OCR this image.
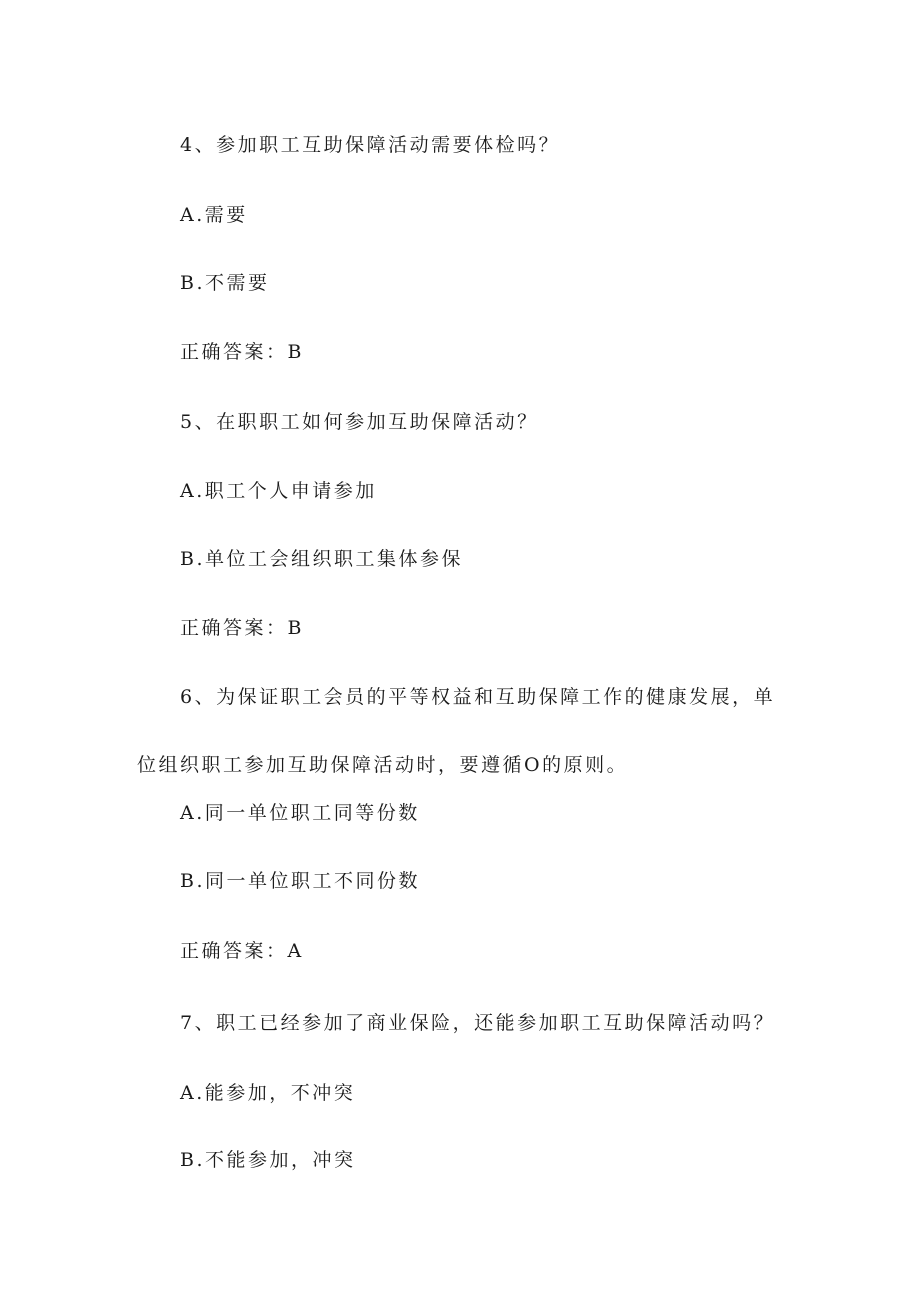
4、参加职工互助保障活动需要体检吗？
A.需要
B.不需要
正确答案：B
5、在职职工如何参加互助保障活动？
A.职工个人申请参加
B.单位工会组织职工集体参保
正确答案：B
6、为保证职工会员的平等权益和互助保障工作的健康发展，单位组织职工参加互助保障活动时，要遵循O的原则。
A.同一单位职工同等份数
B.同一单位职工不同份数
正确答案：A
7、职工已经参加了商业保险，还能参加职工互助保障活动吗？
A.能参加，不冲突
B.不能参加，冲突
